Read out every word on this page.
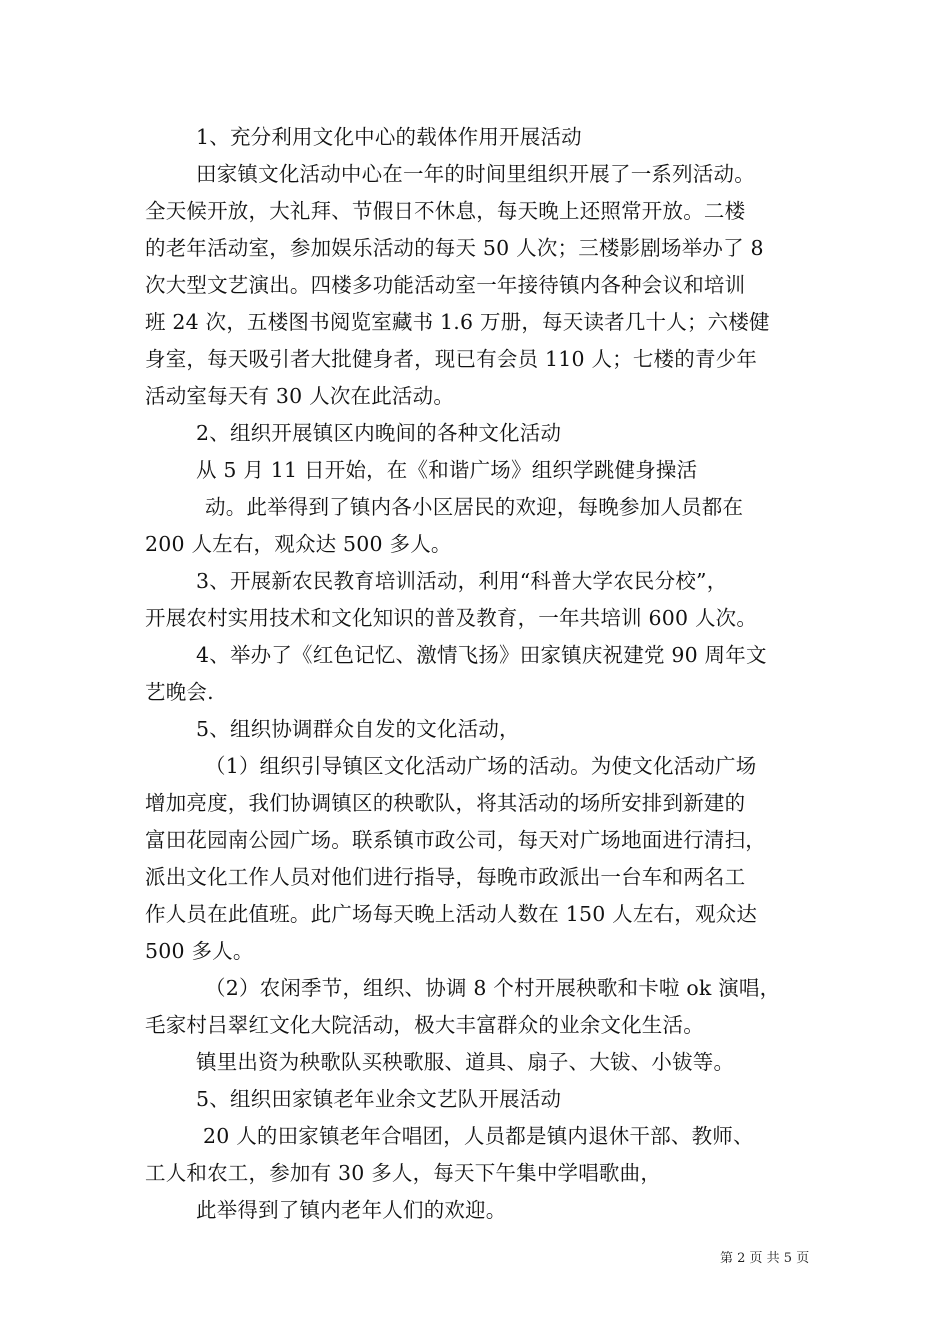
1、充分利用文化中心的载体作用开展活动
田家镇文化活动中心在一年的时间里组织开展了一系列活动。
全天候开放，大礼拜、节假日不休息，每天晚上还照常开放。二楼
的老年活动室，参加娱乐活动的每天 50 人次；三楼影剧场举办了 8
次大型文艺演出。四楼多功能活动室一年接待镇内各种会议和培训
班 24 次，五楼图书阅览室藏书 1.6 万册，每天读者几十人；六楼健
身室，每天吸引者大批健身者，现已有会员 110 人；七楼的青少年
活动室每天有 30 人次在此活动。
2、组织开展镇区内晚间的各种文化活动
从 5 月 11 日开始，在《和谐广场》组织学跳健身操活
动。此举得到了镇内各小区居民的欢迎，每晚参加人员都在
200 人左右，观众达 500 多人。
3、开展新农民教育培训活动，利用“科普大学农民分校”，
开展农村实用技术和文化知识的普及教育，一年共培训 600 人次。
4、举办了《红色记忆、激情飞扬》田家镇庆祝建党 90 周年文
艺晚会.
5、组织协调群众自发的文化活动，
（1）组织引导镇区文化活动广场的活动。为使文化活动广场
增加亮度，我们协调镇区的秧歌队，将其活动的场所安排到新建的
富田花园南公园广场。联系镇市政公司，每天对广场地面进行清扫，
派出文化工作人员对他们进行指导，每晚市政派出一台车和两名工
作人员在此值班。此广场每天晚上活动人数在 150 人左右，观众达
500 多人。
（2）农闲季节，组织、协调 8 个村开展秧歌和卡啦 ok 演唱，
毛家村吕翠红文化大院活动，极大丰富群众的业余文化生活。
镇里出资为秧歌队买秧歌服、道具、扇子、大钹、小钹等。
5、组织田家镇老年业余文艺队开展活动
20 人的田家镇老年合唱团，人员都是镇内退休干部、教师、
工人和农工，参加有 30 多人，每天下午集中学唱歌曲，
此举得到了镇内老年人们的欢迎。
第 2 页 共 5 页
